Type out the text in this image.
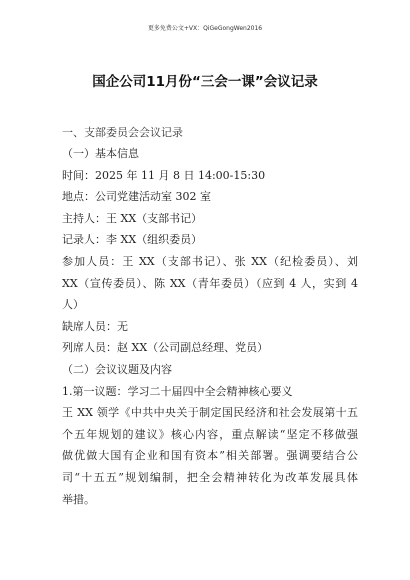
更多免费公文+VX：QiGeGongWen2016
国企公司11月份“三会一课”会议记录
一、支部委员会会议记录
（一）基本信息
时间：2025 年 11 月 8 日 14:00-15:30
地点：公司党建活动室 302 室
主持人：王 XX（支部书记）
记录人：李 XX（组织委员）
参加人员：王 XX（支部书记）、张 XX（纪检委员）、刘
XX（宣传委员）、陈 XX（青年委员）（应到 4 人，实到 4
人）
缺席人员：无
列席人员：赵 XX（公司副总经理、党员）
（二）会议议题及内容
1.第一议题：学习二十届四中全会精神核心要义
王 XX 领学《中共中央关于制定国民经济和社会发展第十五
个五年规划的建议》核心内容，重点解读“坚定不移做强
做优做大国有企业和国有资本”相关部署。强调要结合公
司“十五五”规划编制，把全会精神转化为改革发展具体
举措。
